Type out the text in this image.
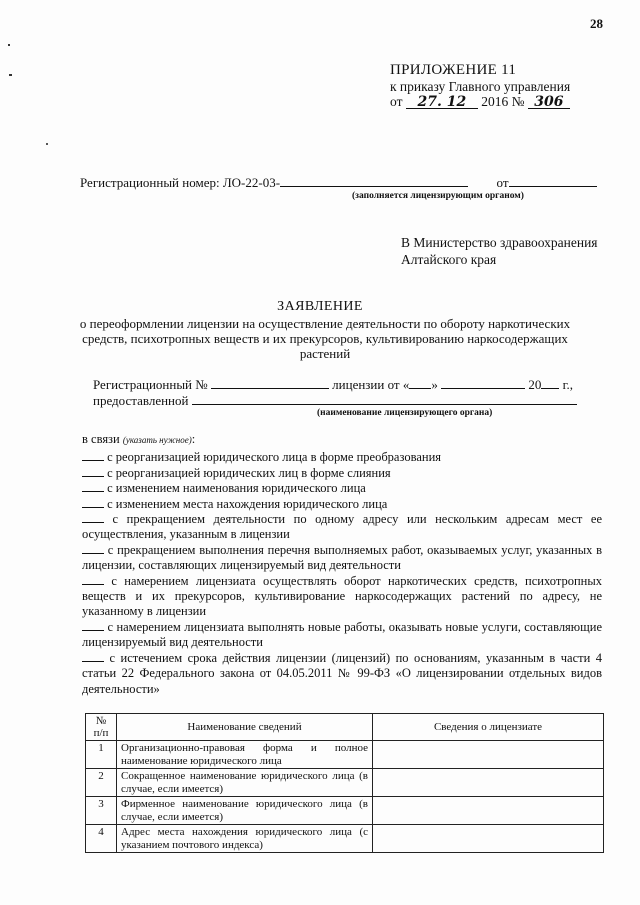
28
ПРИЛОЖЕНИЕ 11
к приказу Главного управления
от 27. 12 2016 № 306
Регистрационный номер: ЛО-22-03-	от
(заполняется лицензирующим органом)
В Министерство здравоохранения
Алтайского края
ЗАЯВЛЕНИЕ
о переоформлении лицензии на осуществление деятельности по обороту наркотических средств, психотропных веществ и их прекурсоров, культивированию наркосодержащих растений
Регистрационный №	лицензии от « »	20 г.,
предоставленной
(наименование лицензирующего органа)

в связи (указать нужное):

с реорганизацией юридического лица в форме преобразования

с реорганизацией юридических лиц в форме слияния

с изменением наименования юридического лица

с изменением места нахождения юридического лица

с прекращением деятельности по одному адресу или нескольким адресам мест ее осуществления, указанным в лицензии

с прекращением выполнения перечня выполняемых работ, оказываемых услуг, указанных в лицензии, составляющих лицензируемый вид деятельности

с намерением лицензиата осуществлять оборот наркотических средств, психотропных веществ и их прекурсоров, культивирование наркосодержащих растений по адресу, не указанному в лицензии

с намерением лицензиата выполнять новые работы, оказывать новые услуги, составляющие лицензируемый вид деятельности

с истечением срока действия лицензии (лицензий) по основаниям, указанным в части 4 статьи 22 Федерального закона от 04.05.2011 № 99-ФЗ «О лицензировании отдельных видов деятельности»

№ п/п	Наименование сведений	Сведения о лицензиате
1	Организационно-правовая форма и полное наименование юридического лица	
2	Сокращенное наименование юридического лица (в случае, если имеется)	
3	Фирменное наименование юридического лица (в случае, если имеется)	
4	Адрес места нахождения юридического лица (с указанием почтового индекса)	
